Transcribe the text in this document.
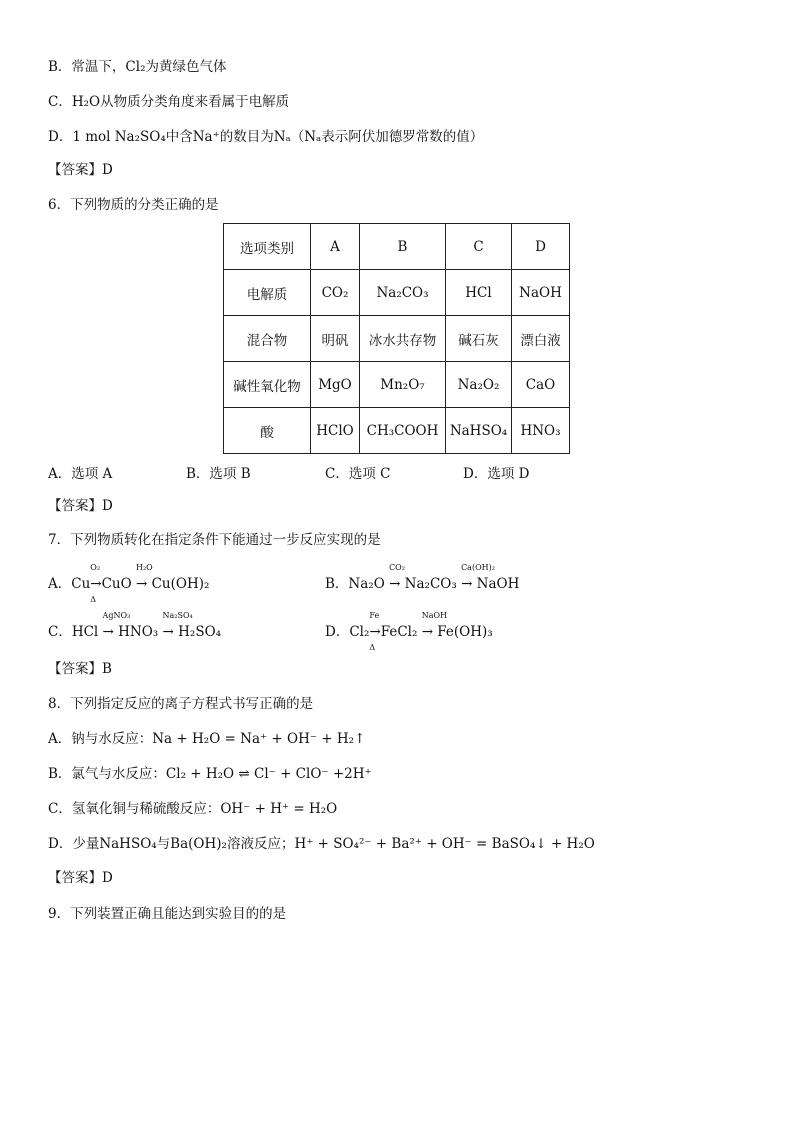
B．常温下，Cl₂为黄绿色气体
C．H₂O从物质分类角度来看属于电解质
D．1 mol Na₂SO₄中含Na⁺的数目为Nₐ（Nₐ表示阿伏加德罗常数的值）
【答案】D
6．下列物质的分类正确的是
选项类别	A	B	C	D
电解质	CO₂	Na₂CO₃	HCl	NaOH
混合物	明矾	冰水共存物	碱石灰	漂白液
碱性氧化物	MgO	Mn₂O₇	Na₂O₂	CaO
酸	HClO	CH₃COOH	NaHSO₄	HNO₃
A．选项 A	B．选项 B	C．选项 C	D．选项 D
【答案】D
7．下列物质转化在指定条件下能通过一步反应实现的是
A．Cu
O₂
→
Δ
CuO
H₂O
→ Cu(OH)₂	B．Na₂O
CO₂
→ Na₂CO₃
Ca(OH)₂
→ NaOH
C．HCl
AgNO₃
→ HNO₃
Na₂SO₄
→ H₂SO₄	D．Cl₂
Fe
→
Δ
FeCl₂
NaOH
→ Fe(OH)₃
【答案】B
8．下列指定反应的离子方程式书写正确的是
A．钠与水反应：Na + H₂O = Na⁺ + OH⁻ + H₂↑
B．氯气与水反应：Cl₂ + H₂O ⇌ Cl⁻ + ClO⁻ +2H⁺
C．氢氧化铜与稀硫酸反应：OH⁻ + H⁺ = H₂O
D．少量NaHSO₄与Ba(OH)₂溶液反应；H⁺ + SO₄²⁻ + Ba²⁺ + OH⁻ = BaSO₄↓ + H₂O
【答案】D
9．下列装置正确且能达到实验目的的是
